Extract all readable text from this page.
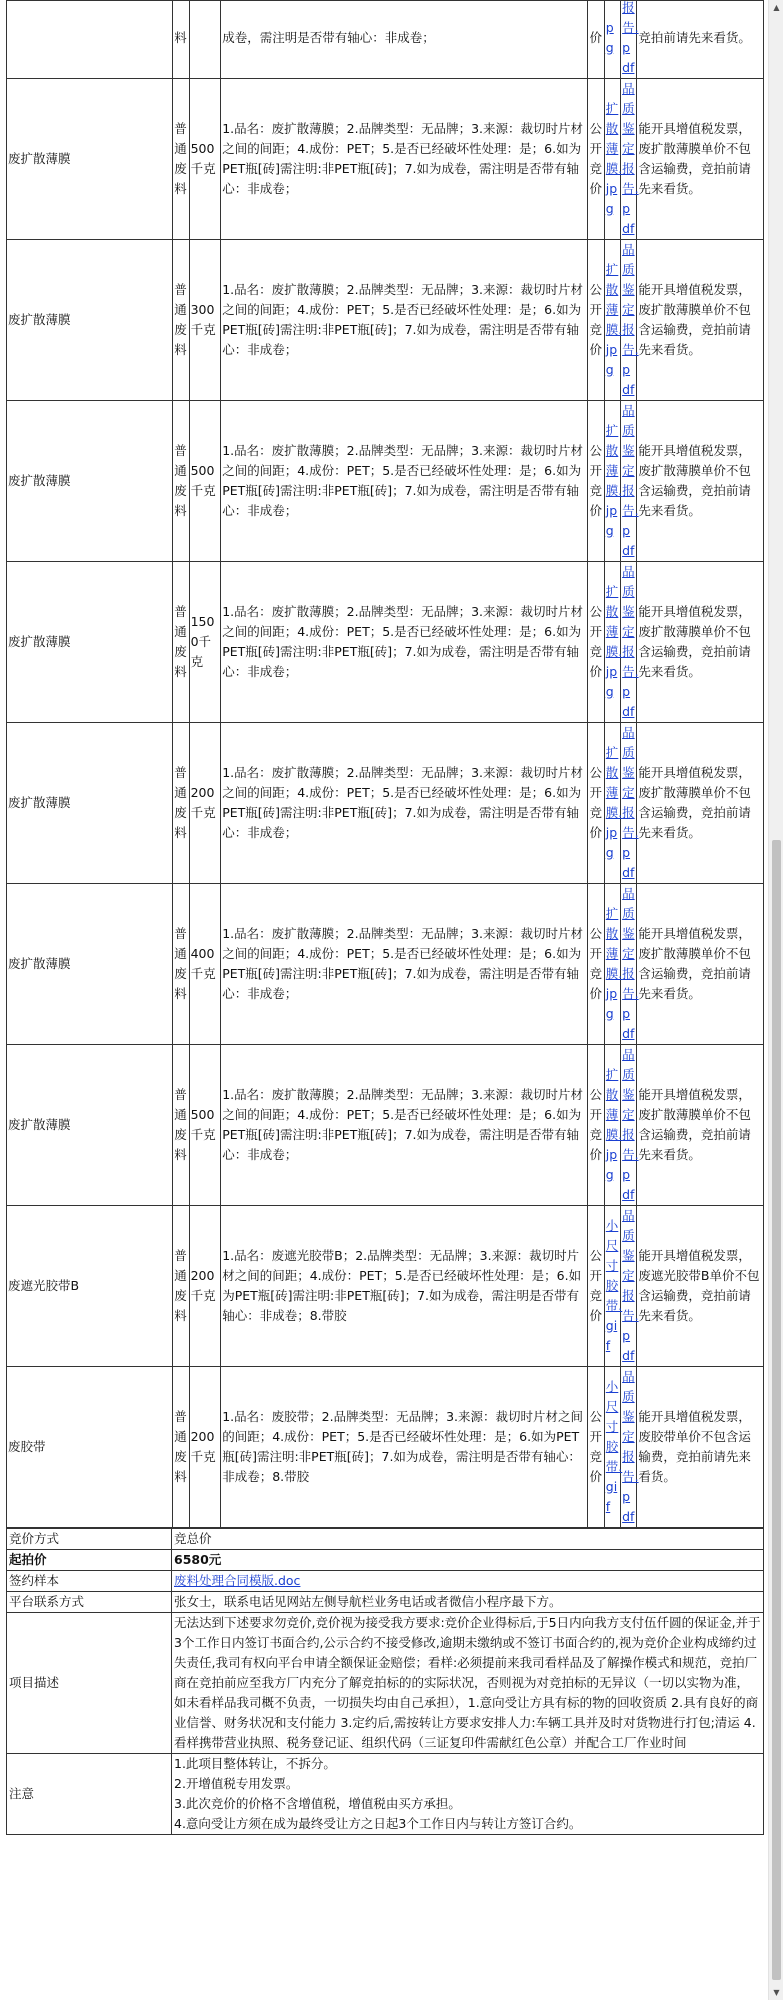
	料		成卷，需注明是否带有轴心：非成卷；	价	pg	报告.pdf	竞拍前请先来看货。

废扩散薄膜	普通废料	500千克	1.品名：废扩散薄膜；2.品牌类型：无品牌；3.来源：裁切时片材之间的间距；4.成份：PET；5.是否已经破坏性处理：是；6.如为PET瓶[砖]需注明:非PET瓶[砖]；7.如为成卷，需注明是否带有轴心：非成卷；	公开竞价	扩散薄膜.jpg	品质鉴定报告.pdf	能开具增值税发票，废扩散薄膜单价不包含运输费，竞拍前请先来看货。
废扩散薄膜	普通废料	300千克	1.品名：废扩散薄膜；2.品牌类型：无品牌；3.来源：裁切时片材之间的间距；4.成份：PET；5.是否已经破坏性处理：是；6.如为PET瓶[砖]需注明:非PET瓶[砖]；7.如为成卷，需注明是否带有轴心：非成卷；	公开竞价	扩散薄膜.jpg	品质鉴定报告.pdf	能开具增值税发票，废扩散薄膜单价不包含运输费，竞拍前请先来看货。
废扩散薄膜	普通废料	500千克	1.品名：废扩散薄膜；2.品牌类型：无品牌；3.来源：裁切时片材之间的间距；4.成份：PET；5.是否已经破坏性处理：是；6.如为PET瓶[砖]需注明:非PET瓶[砖]；7.如为成卷，需注明是否带有轴心：非成卷；	公开竞价	扩散薄膜.jpg	品质鉴定报告.pdf	能开具增值税发票，废扩散薄膜单价不包含运输费，竞拍前请先来看货。
废扩散薄膜	普通废料	1500千克	1.品名：废扩散薄膜；2.品牌类型：无品牌；3.来源：裁切时片材之间的间距；4.成份：PET；5.是否已经破坏性处理：是；6.如为PET瓶[砖]需注明:非PET瓶[砖]；7.如为成卷，需注明是否带有轴心：非成卷；	公开竞价	扩散薄膜.jpg	品质鉴定报告.pdf	能开具增值税发票，废扩散薄膜单价不包含运输费，竞拍前请先来看货。
废扩散薄膜	普通废料	200千克	1.品名：废扩散薄膜；2.品牌类型：无品牌；3.来源：裁切时片材之间的间距；4.成份：PET；5.是否已经破坏性处理：是；6.如为PET瓶[砖]需注明:非PET瓶[砖]；7.如为成卷，需注明是否带有轴心：非成卷；	公开竞价	扩散薄膜.jpg	品质鉴定报告.pdf	能开具增值税发票，废扩散薄膜单价不包含运输费，竞拍前请先来看货。
废扩散薄膜	普通废料	400千克	1.品名：废扩散薄膜；2.品牌类型：无品牌；3.来源：裁切时片材之间的间距；4.成份：PET；5.是否已经破坏性处理：是；6.如为PET瓶[砖]需注明:非PET瓶[砖]；7.如为成卷，需注明是否带有轴心：非成卷；	公开竞价	扩散薄膜.jpg	品质鉴定报告.pdf	能开具增值税发票，废扩散薄膜单价不包含运输费，竞拍前请先来看货。
废扩散薄膜	普通废料	500千克	1.品名：废扩散薄膜；2.品牌类型：无品牌；3.来源：裁切时片材之间的间距；4.成份：PET；5.是否已经破坏性处理：是；6.如为PET瓶[砖]需注明:非PET瓶[砖]；7.如为成卷，需注明是否带有轴心：非成卷；	公开竞价	扩散薄膜.jpg	品质鉴定报告.pdf	能开具增值税发票，废扩散薄膜单价不包含运输费，竞拍前请先来看货。
废遮光胶带B	普通废料	200千克	1.品名：废遮光胶带B；2.品牌类型：无品牌；3.来源：裁切时片材之间的间距；4.成份：PET；5.是否已经破坏性处理：是；6.如为PET瓶[砖]需注明:非PET瓶[砖]；7.如为成卷，需注明是否带有轴心：非成卷；8.带胶	公开竞价	小尺寸胶带.gif	品质鉴定报告.pdf	能开具增值税发票，废遮光胶带B单价不包含运输费，竞拍前请先来看货。
废胶带	普通废料	200千克	1.品名：废胶带；2.品牌类型：无品牌；3.来源：裁切时片材之间的间距；4.成份：PET；5.是否已经破坏性处理：是；6.如为PET瓶[砖]需注明:非PET瓶[砖]；7.如为成卷，需注明是否带有轴心：非成卷；8.带胶	公开竞价	小尺寸胶带.gif	品质鉴定报告.pdf	能开具增值税发票，废胶带单价不包含运输费，竞拍前请先来看货。
竞价方式	竞总价
起拍价	6580元
签约样本	废料处理合同模版.doc
平台联系方式	张女士，联系电话见网站左侧导航栏业务电话或者微信小程序最下方。
项目描述	无法达到下述要求勿竞价,竞价视为接受我方要求:竞价企业得标后,于5日内向我方支付伍仟圆的保证金,并于3个工作日内签订书面合约,公示合约不接受修改,逾期未缴纳或不签订书面合约的,视为竞价企业构成缔约过失责任,我司有权向平台申请全额保证金赔偿；看样:必须提前来我司看样品及了解操作模式和规范，竞拍厂商在竞拍前应至我方厂内充分了解竞拍标的的实际状况，否则视为对竞拍标的无异议（一切以实物为准，如未看样品我司概不负责，一切损失均由自己承担），1.意向受让方具有标的物的回收资质 2.具有良好的商业信誉、财务状况和支付能力 3.定约后,需按转让方要求安排人力:车辆工具并及时对货物进行打包;清运 4.看样携带营业执照、税务登记证、组织代码（三证复印件需献红色公章）并配合工厂作业时间
注意	1.此项目整体转让，不拆分。
2.开增值税专用发票。
3.此次竞价的价格不含增值税，增值税由买方承担。
4.意向受让方须在成为最终受让方之日起3个工作日内与转让方签订合约。
▲
▼
